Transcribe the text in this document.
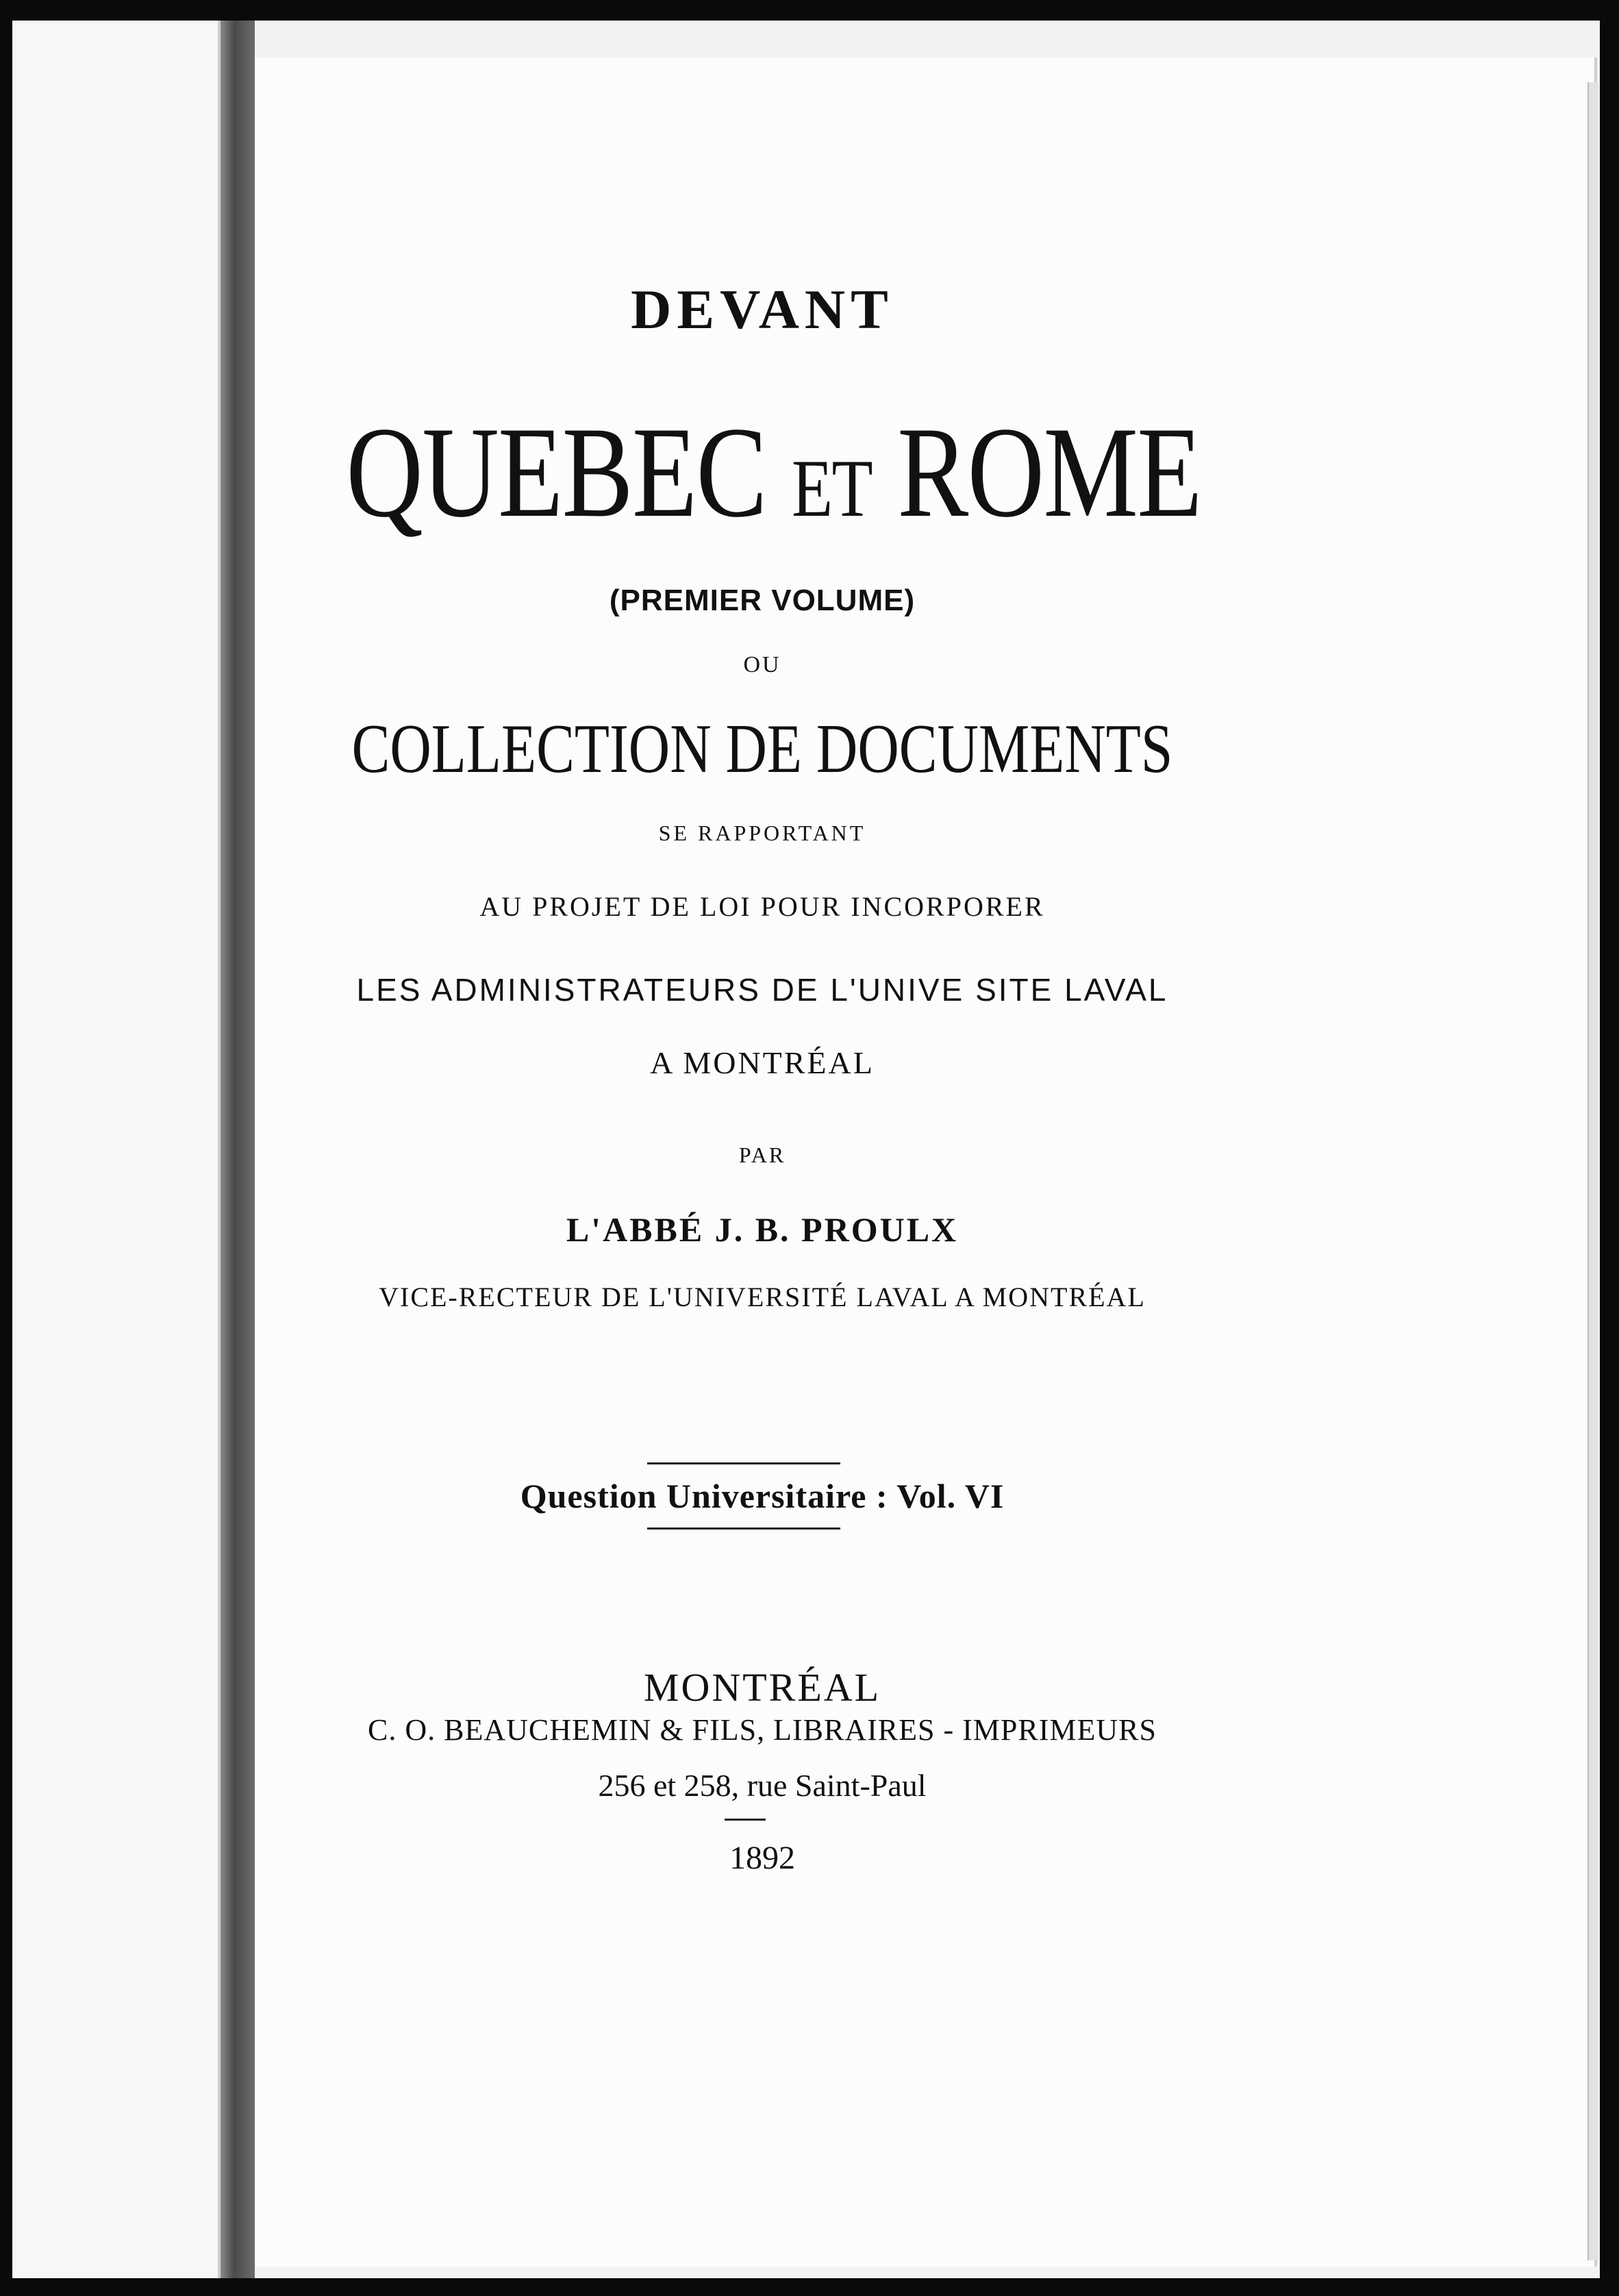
DEVANT
QUEBEC ET ROME
(PREMIER VOLUME)
OU
COLLECTION DE DOCUMENTS
SE RAPPORTANT
AU PROJET DE LOI POUR INCORPORER
LES ADMINISTRATEURS DE L'UNIVE SITE LAVAL
A MONTRÉAL
PAR
L'ABBÉ J. B. PROULX
VICE-RECTEUR DE L'UNIVERSITÉ LAVAL A MONTRÉAL
Question Universitaire : Vol. VI
MONTRÉAL
C. O. BEAUCHEMIN & FILS, LIBRAIRES - IMPRIMEURS
256 et 258, rue Saint-Paul
1892
